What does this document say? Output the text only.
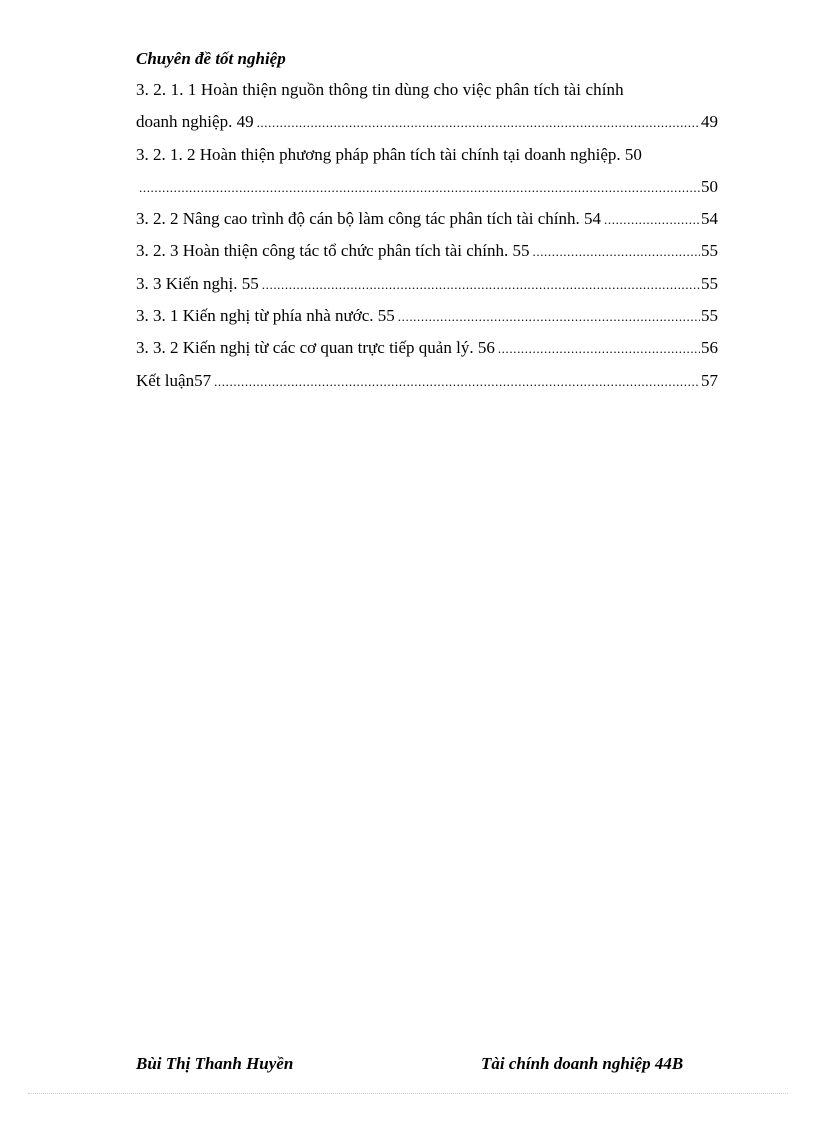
Chuyên đề tốt nghiệp

3. 2. 1. 1 Hoàn thiện nguồn thông tin dùng cho việc phân tích tài chính
doanh nghiệp. 49 .....	49
3. 2. 1. 2 Hoàn thiện phương pháp phân tích tài chính tại doanh nghiệp. 50
.....
50
3. 2. 2 Nâng cao trình độ cán bộ làm công tác phân tích tài chính. 54 .....	54
3. 2. 3 Hoàn thiện công tác tổ chức phân tích tài chính. 55 .....	55
3. 3 Kiến nghị. 55 .....	55
3. 3. 1 Kiến nghị từ phía nhà nước. 55 .....	55
3. 3. 2 Kiến nghị từ các cơ quan trực tiếp quản lý. 56 .....	56
Kết luận57 .....	57

Bùi Thị Thanh Huyền	Tài chính doanh nghiệp 44B
